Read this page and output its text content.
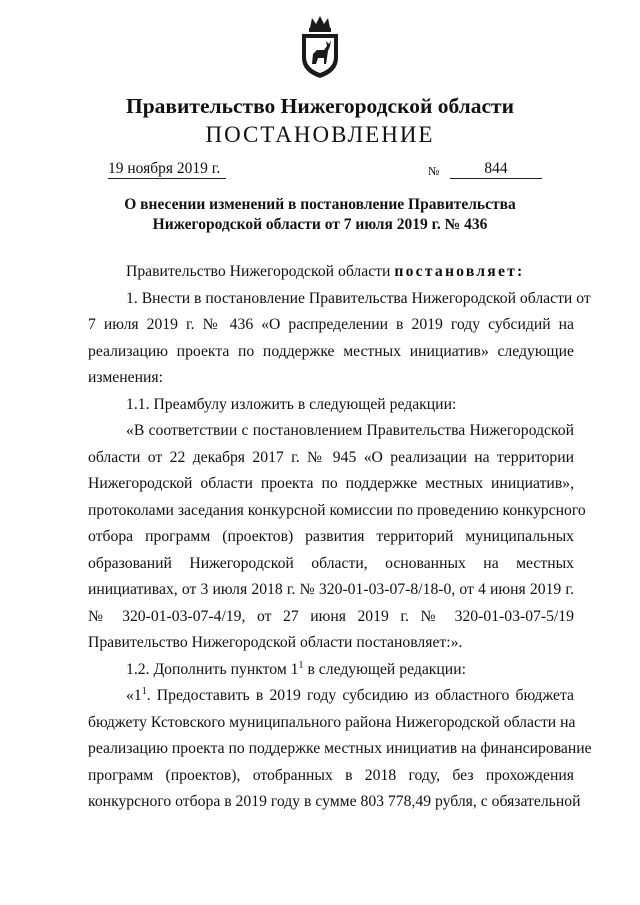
Правительство Нижегородской области
ПОСТАНОВЛЕНИЕ
19 ноября 2019 г.	№	844
О внесении изменений в постановление Правительства
Нижегородской области от 7 июля 2019 г. № 436
Правительство Нижегородской области постановляет:
1. Внести в постановление Правительства Нижегородской области от
7 июля 2019 г. № 436 «О распределении в 2019 году субсидий на
реализацию проекта по поддержке местных инициатив» следующие
изменения:
1.1. Преамбулу изложить в следующей редакции:
«В соответствии с постановлением Правительства Нижегородской
области от 22 декабря 2017 г. № 945 «О реализации на территории
Нижегородской области проекта по поддержке местных инициатив»,
протоколами заседания конкурсной комиссии по проведению конкурсного
отбора программ (проектов) развития территорий муниципальных
образований Нижегородской области, основанных на местных
инициативах, от 3 июля 2018 г. № 320-01-03-07-8/18-0, от 4 июня 2019 г.
№ 320-01-03-07-4/19, от 27 июня 2019 г. № 320-01-03-07-5/19
Правительство Нижегородской области постановляет:».
1.2. Дополнить пунктом $1^1$ в следующей редакции:
«$1^1$. Предоставить в 2019 году субсидию из областного бюджета
бюджету Кстовского муниципального района Нижегородской области на
реализацию проекта по поддержке местных инициатив на финансирование
программ (проектов), отобранных в 2018 году, без прохождения
конкурсного отбора в 2019 году в сумме 803 778,49 рубля, с обязательной
